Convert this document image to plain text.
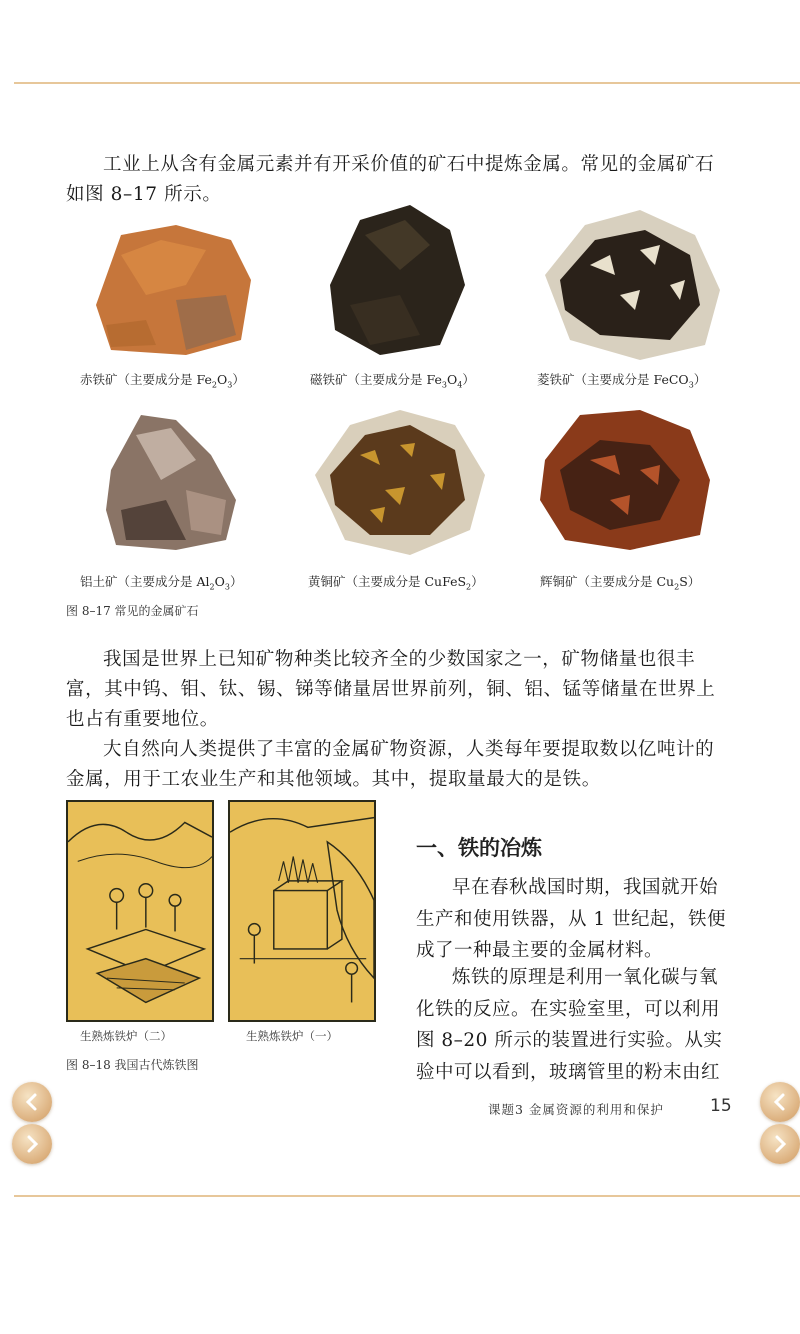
工业上从含有金属元素并有开采价值的矿石中提炼金属。常见的金属矿石
如图 8–17 所示。

赤铁矿（主要成分是 $Fe_2O_3$）	磁铁矿（主要成分是 $Fe_3O_4$）	菱铁矿（主要成分是 FeCO$_3$）
铝土矿（主要成分是 $Al_2O_3$）	黄铜矿（主要成分是 CuFeS$_2$）	辉铜矿（主要成分是 $Cu_2S$）
图 8–17 常见的金属矿石

我国是世界上已知矿物种类比较齐全的少数国家之一，矿物储量也很丰
富，其中钨、钼、钛、锡、锑等储量居世界前列，铜、铝、锰等储量在世界上
也占有重要地位。

大自然向人类提供了丰富的金属矿物资源，人类每年要提取数以亿吨计的
金属，用于工农业生产和其他领域。其中，提取量最大的是铁。

生熟炼铁炉（二）	生熟炼铁炉（一）
图 8–18 我国古代炼铁图
一、铁的冶炼

早在春秋战国时期，我国就开始
生产和使用铁器，从 1 世纪起，铁便
成了一种最主要的金属材料。

炼铁的原理是利用一氧化碳与氧
化铁的反应。在实验室里，可以利用
图 8–20 所示的装置进行实验。从实
验中可以看到，玻璃管里的粉末由红

课题3 金属资源的利用和保护	15
